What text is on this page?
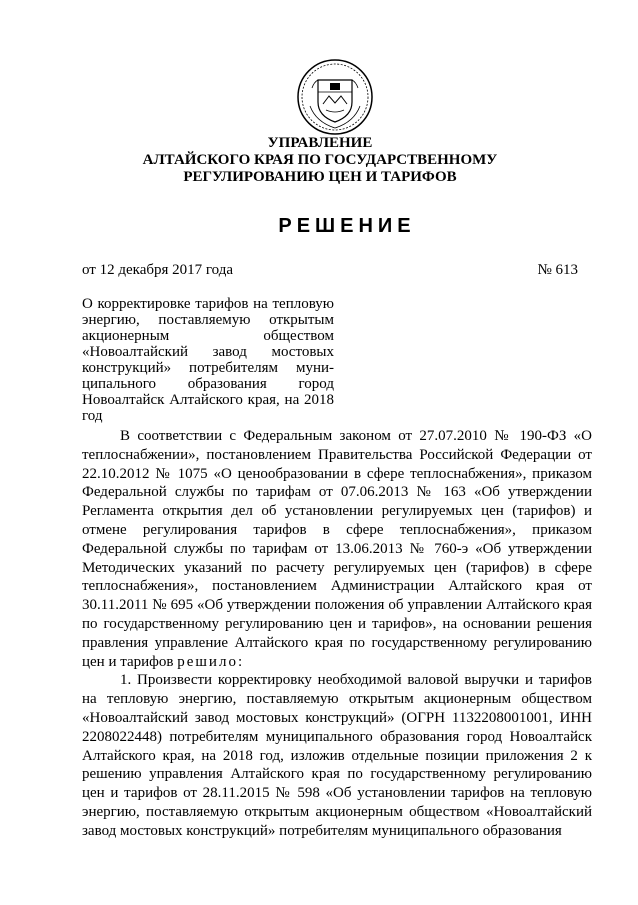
УПРАВЛЕНИЕ
АЛТАЙСКОГО КРАЯ ПО ГОСУДАРСТВЕННОМУ
РЕГУЛИРОВАНИЮ ЦЕН И ТАРИФОВ
РЕШЕНИЕ
от 12 декабря 2017 года	№ 613
О корректировке тарифов на тепловую энергию, поставляемую открытым акционерным обществом «Новоалтайский завод мостовых конструкций» потребителям муни-ципального образования город Новоалтайск Алтайского края, на 2018 год

В соответствии с Федеральным законом от 27.07.2010 № 190-ФЗ «О теплоснабжении», постановлением Правительства Российской Федерации от 22.10.2012 № 1075 «О ценообразовании в сфере теплоснабжения», приказом Федеральной службы по тарифам от 07.06.2013 № 163 «Об утверждении Регламента открытия дел об установлении регулируемых цен (тарифов) и отмене регулирования тарифов в сфере теплоснабжения», приказом Федеральной службы по тарифам от 13.06.2013 № 760-э «Об утверждении Методических указаний по расчету регулируемых цен (тарифов) в сфере теплоснабжения», постановлением Администрации Алтайского края от 30.11.2011 № 695 «Об утверждении положения об управлении Алтайского края по государственному регулированию цен и тарифов», на основании решения правления управление Алтайского края по государственному регулированию цен и тарифов решило:

1. Произвести корректировку необходимой валовой выручки и тарифов на тепловую энергию, поставляемую открытым акционерным обществом «Новоалтайский завод мостовых конструкций» (ОГРН 1132208001001, ИНН 2208022448) потребителям муниципального образования город Новоалтайск Алтайского края, на 2018 год, изложив отдельные позиции приложения 2 к решению управления Алтайского края по государственному регулированию цен и тарифов от 28.11.2015 № 598 «Об установлении тарифов на тепловую энергию, поставляемую открытым акционерным обществом «Новоалтайский завод мостовых конструкций» потребителям муниципального образования
